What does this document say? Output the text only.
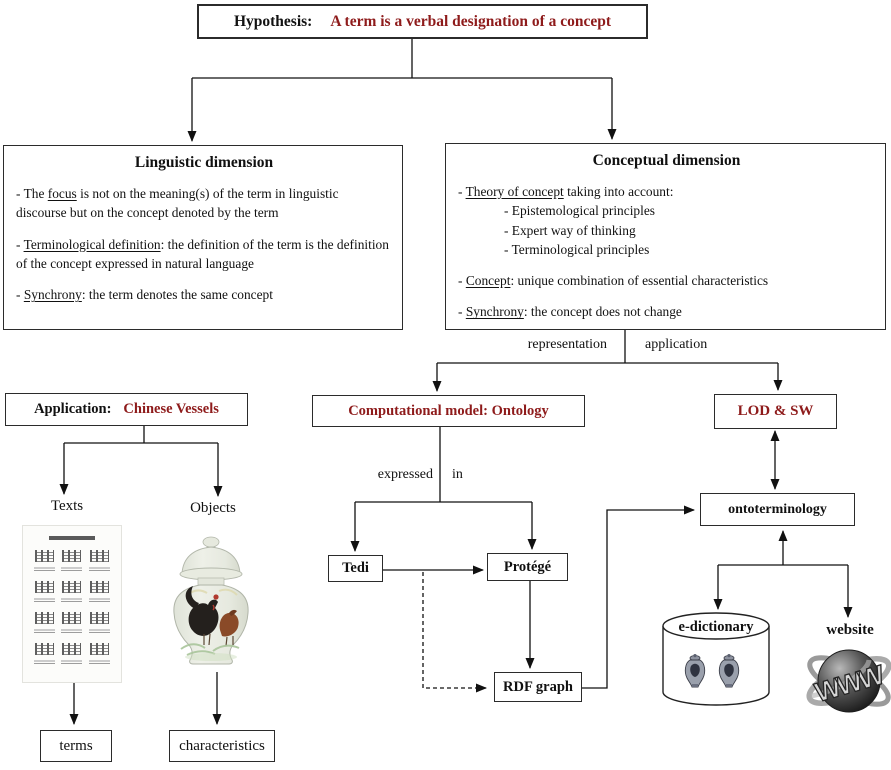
Hypothesis: A term is a verbal designation of a concept
Linguistic dimension
- The focus is not on the meaning(s) of the term in linguistic discourse but on the concept denoted by the term
- Terminological definition: the definition of the term is the definition of the concept expressed in natural language
- Synchrony: the term denotes the same concept
Conceptual dimension
- Theory of concept taking into account:
- Epistemological principles
- Expert way of thinking
- Terminological principles
- Concept: unique combination of essential characteristics
- Synchrony: the concept does not change
representation	application
expressed in
Application: Chinese Vessels	Computational model: Ontology	LOD & SW
ontoterminology
Tedi	Protégé
RDF graph
Texts	Objects
terms	characteristics
e-dictionary	website
WWW
